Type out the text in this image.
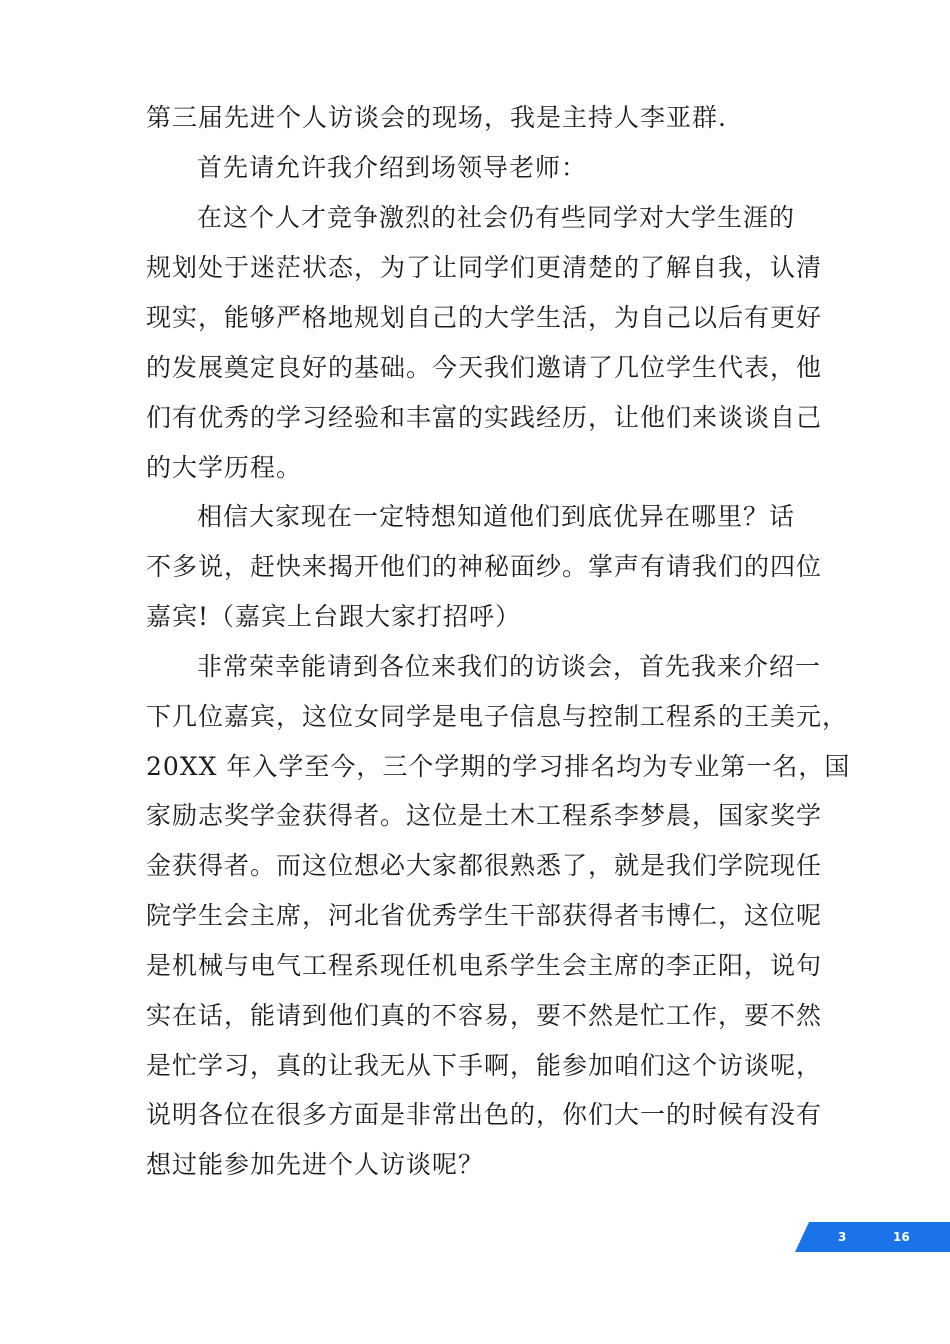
第三届先进个人访谈会的现场，我是主持人李亚群.
首先请允许我介绍到场领导老师：
在这个人才竞争激烈的社会仍有些同学对大学生涯的
规划处于迷茫状态，为了让同学们更清楚的了解自我，认清
现实，能够严格地规划自己的大学生活，为自己以后有更好
的发展奠定良好的基础。今天我们邀请了几位学生代表，他
们有优秀的学习经验和丰富的实践经历，让他们来谈谈自己
的大学历程。
相信大家现在一定特想知道他们到底优异在哪里？话
不多说，赶快来揭开他们的神秘面纱。掌声有请我们的四位
嘉宾!（嘉宾上台跟大家打招呼）
非常荣幸能请到各位来我们的访谈会，首先我来介绍一
下几位嘉宾，这位女同学是电子信息与控制工程系的王美元，
20XX 年入学至今，三个学期的学习排名均为专业第一名，国
家励志奖学金获得者。这位是土木工程系李梦晨，国家奖学
金获得者。而这位想必大家都很熟悉了，就是我们学院现任
院学生会主席，河北省优秀学生干部获得者韦博仁，这位呢
是机械与电气工程系现任机电系学生会主席的李正阳，说句
实在话，能请到他们真的不容易，要不然是忙工作，要不然
是忙学习，真的让我无从下手啊，能参加咱们这个访谈呢，
说明各位在很多方面是非常出色的，你们大一的时候有没有
想过能参加先进个人访谈呢？
3	16
